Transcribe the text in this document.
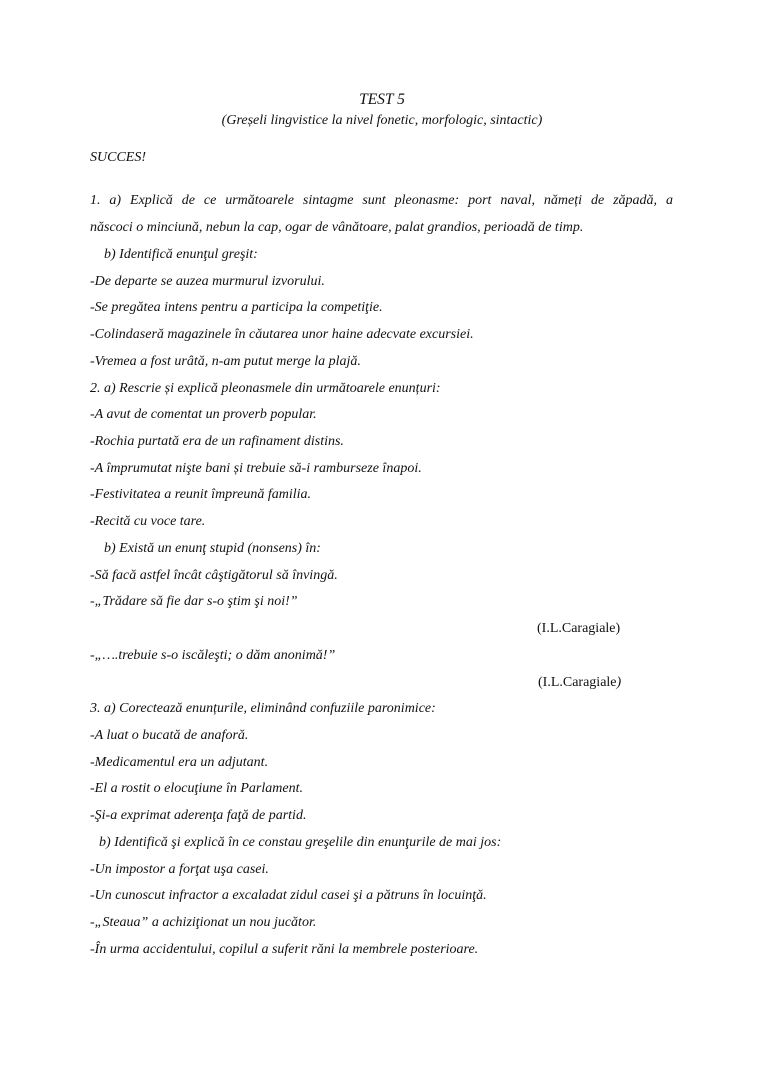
TEST 5
(Greșeli lingvistice la nivel fonetic, morfologic, sintactic)
SUCCES!
1. a) Explică de ce următoarele sintagme sunt pleonasme: port naval, nămeți de zăpadă, a
născoci o minciună, nebun la cap, ogar de vânătoare, palat grandios, perioadă de timp.
b) Identifică enunţul greşit:
-De departe se auzea murmurul izvorului.
-Se pregătea intens pentru a participa la competiţie.
-Colindaseră magazinele în căutarea unor haine adecvate excursiei.
-Vremea a fost urâtă, n-am putut merge la plajă.
2. a) Rescrie și explică pleonasmele din următoarele enunțuri:
-A avut de comentat un proverb popular.
-Rochia purtată era de un rafinament distins.
-A împrumutat nişte bani și trebuie să-i ramburseze înapoi.
-Festivitatea a reunit împreună familia.
-Recită cu voce tare.
b) Există un enunţ stupid (nonsens) în:
-Să facă astfel încât câştigătorul să învingă.
-„Trădare să fie dar s-o ştim şi noi!”
(I.L.Caragiale)
-„….trebuie s-o iscăleşti; o dăm anonimă!”
(I.L.Caragiale)
3. a) Corectează enunțurile, eliminând confuziile paronimice:
-A luat o bucată de anaforă.
-Medicamentul era un adjutant.
-El a rostit o elocuţiune în Parlament.
-Şi-a exprimat aderenţa faţă de partid.
b) Identifică şi explică în ce constau greşelile din enunţurile de mai jos:
-Un impostor a forţat uşa casei.
-Un cunoscut infractor a excaladat zidul casei şi a pătruns în locuinţă.
-„Steaua” a achiziţionat un nou jucător.
-În urma accidentului, copilul a suferit răni la membrele posterioare.
